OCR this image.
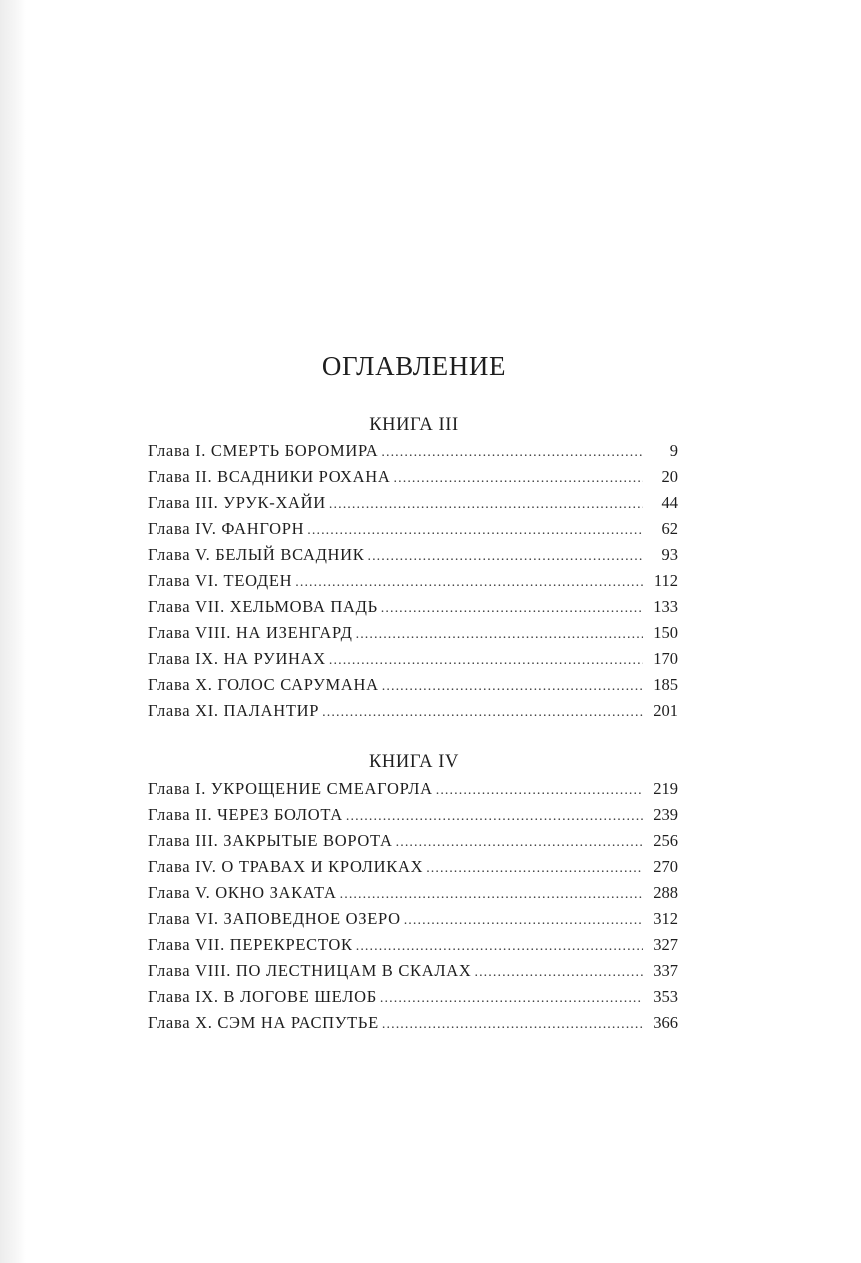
ОГЛАВЛЕНИЕ
КНИГА III
Глава I. СМЕРТЬ БОРОМИРА . . .	9
Глава II. ВСАДНИКИ РОХАНА . . .	20
Глава III. УРУК-ХАЙИ . . .	44
Глава IV. ФАНГОРН . . .	62
Глава V. БЕЛЫЙ ВСАДНИК . . .	93
Глава VI. ТЕОДЕН . . .	112
Глава VII. ХЕЛЬМОВА ПАДЬ . . .	133
Глава VIII. НА ИЗЕНГАРД . . .	150
Глава IX. НА РУИНАХ . . .	170
Глава X. ГОЛОС САРУМАНА . . .	185
Глава XI. ПАЛАНТИР . . .	201
КНИГА IV
Глава I. УКРОЩЕНИЕ СМЕАГОРЛА . . .	219
Глава II. ЧЕРЕЗ БОЛОТА . . .	239
Глава III. ЗАКРЫТЫЕ ВОРОТА . . .	256
Глава IV. О ТРАВАХ И КРОЛИКАХ . . .	270
Глава V. ОКНО ЗАКАТА . . .	288
Глава VI. ЗАПОВЕДНОЕ ОЗЕРО . . .	312
Глава VII. ПЕРЕКРЕСТОК . . .	327
Глава VIII. ПО ЛЕСТНИЦАМ В СКАЛАХ . . .	337
Глава IX. В ЛОГОВЕ ШЕЛОБ . . .	353
Глава X. СЭМ НА РАСПУТЬЕ . . .	366
